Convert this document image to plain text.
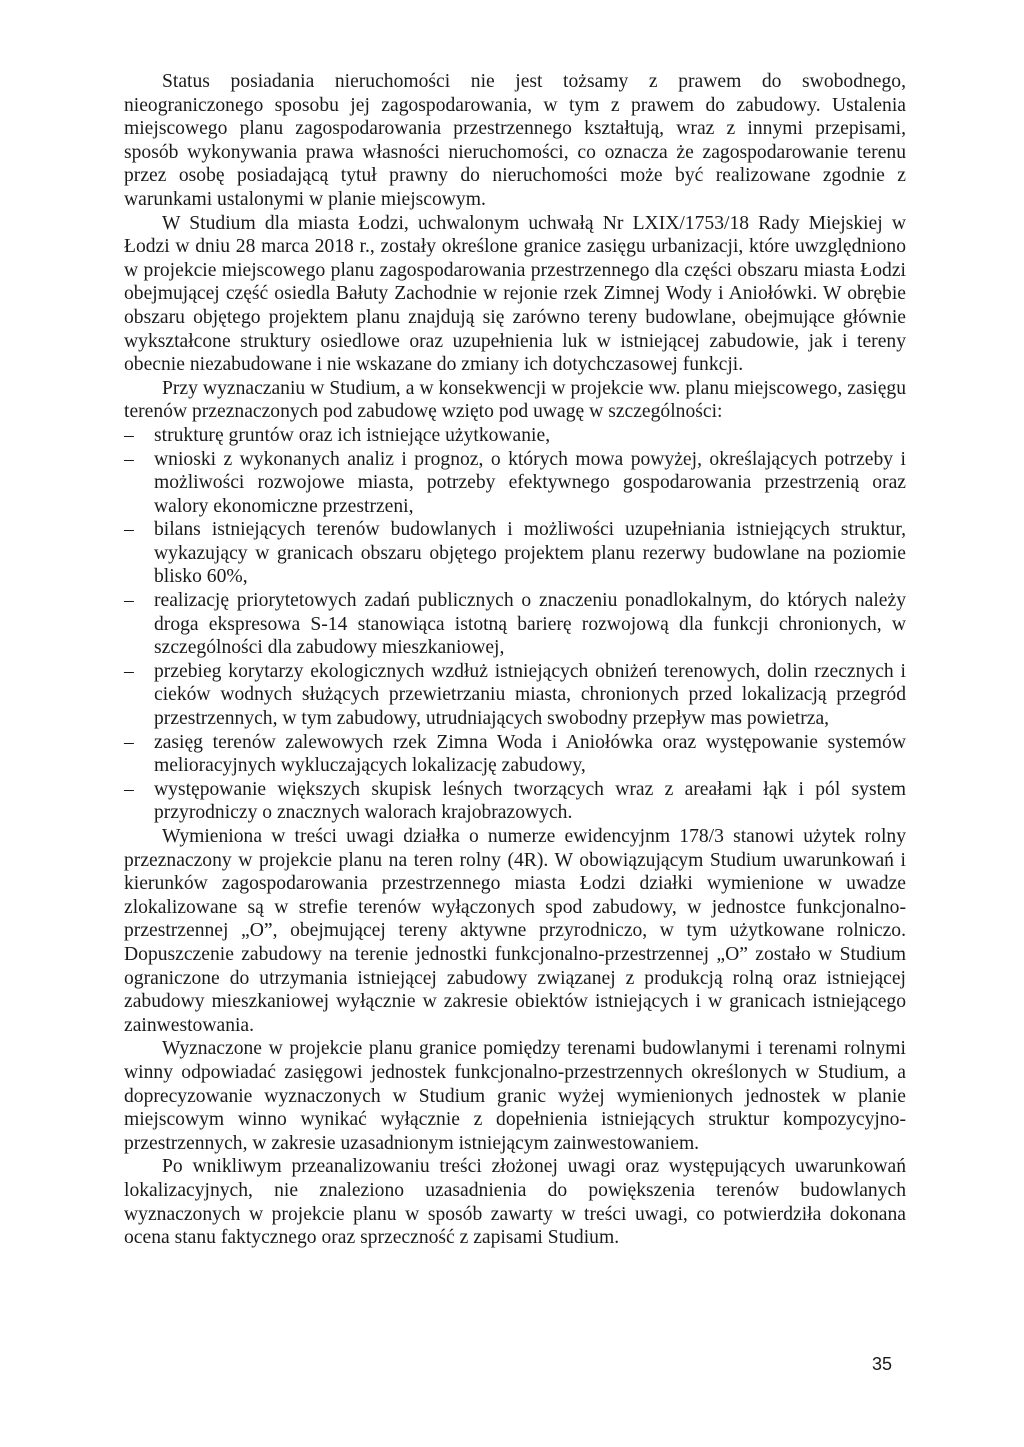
Status posiadania nieruchomości nie jest tożsamy z prawem do swobodnego, nieograniczonego sposobu jej zagospodarowania, w tym z prawem do zabudowy. Ustalenia miejscowego planu zagospodarowania przestrzennego kształtują, wraz z innymi przepisami, sposób wykonywania prawa własności nieruchomości, co oznacza że zagospodarowanie terenu przez osobę posiadającą tytuł prawny do nieruchomości może być realizowane zgodnie z warunkami ustalonymi w planie miejscowym.

W Studium dla miasta Łodzi, uchwalonym uchwałą Nr LXIX/1753/18 Rady Miejskiej w Łodzi w dniu 28 marca 2018 r., zostały określone granice zasięgu urbanizacji, które uwzględniono w projekcie miejscowego planu zagospodarowania przestrzennego dla części obszaru miasta Łodzi obejmującej część osiedla Bałuty Zachodnie w rejonie rzek Zimnej Wody i Aniołówki. W obrębie obszaru objętego projektem planu znajdują się zarówno tereny budowlane, obejmujące głównie wykształcone struktury osiedlowe oraz uzupełnienia luk w istniejącej zabudowie, jak i tereny obecnie niezabudowane i nie wskazane do zmiany ich dotychczasowej funkcji.

Przy wyznaczaniu w Studium, a w konsekwencji w projekcie ww. planu miejscowego, zasięgu terenów przeznaczonych pod zabudowę wzięto pod uwagę w szczególności:

–	strukturę gruntów oraz ich istniejące użytkowanie,
–	wnioski z wykonanych analiz i prognoz, o których mowa powyżej, określających potrzeby i możliwości rozwojowe miasta, potrzeby efektywnego gospodarowania przestrzenią oraz walory ekonomiczne przestrzeni,
–	bilans istniejących terenów budowlanych i możliwości uzupełniania istniejących struktur, wykazujący w granicach obszaru objętego projektem planu rezerwy budowlane na poziomie blisko 60%,
–	realizację priorytetowych zadań publicznych o znaczeniu ponadlokalnym, do których należy droga ekspresowa S-14 stanowiąca istotną barierę rozwojową dla funkcji chronionych, w szczególności dla zabudowy mieszkaniowej,
–	przebieg korytarzy ekologicznych wzdłuż istniejących obniżeń terenowych, dolin rzecznych i cieków wodnych służących przewietrzaniu miasta, chronionych przed lokalizacją przegród przestrzennych, w tym zabudowy, utrudniających swobodny przepływ mas powietrza,
–	zasięg terenów zalewowych rzek Zimna Woda i Aniołówka oraz występowanie systemów melioracyjnych wykluczających lokalizację zabudowy,
–	występowanie większych skupisk leśnych tworzących wraz z areałami łąk i pól system przyrodniczy o znacznych walorach krajobrazowych.

Wymieniona w treści uwagi działka o numerze ewidencyjnm 178/3 stanowi użytek rolny przeznaczony w projekcie planu na teren rolny (4R). W obowiązującym Studium uwarunkowań i kierunków zagospodarowania przestrzennego miasta Łodzi działki wymienione w uwadze zlokalizowane są w strefie terenów wyłączonych spod zabudowy, w jednostce funkcjonalno-przestrzennej „O”, obejmującej tereny aktywne przyrodniczo, w tym użytkowane rolniczo. Dopuszczenie zabudowy na terenie jednostki funkcjonalno-przestrzennej „O” zostało w Studium ograniczone do utrzymania istniejącej zabudowy związanej z produkcją rolną oraz istniejącej zabudowy mieszkaniowej wyłącznie w zakresie obiektów istniejących i w granicach istniejącego zainwestowania.

Wyznaczone w projekcie planu granice pomiędzy terenami budowlanymi i terenami rolnymi winny odpowiadać zasięgowi jednostek funkcjonalno-przestrzennych określonych w Studium, a doprecyzowanie wyznaczonych w Studium granic wyżej wymienionych jednostek w planie miejscowym winno wynikać wyłącznie z dopełnienia istniejących struktur kompozycyjno-przestrzennych, w zakresie uzasadnionym istniejącym zainwestowaniem.

Po wnikliwym przeanalizowaniu treści złożonej uwagi oraz występujących uwarunkowań lokalizacyjnych, nie znaleziono uzasadnienia do powiększenia terenów budowlanych wyznaczonych w projekcie planu w sposób zawarty w treści uwagi, co potwierdziła dokonana ocena stanu faktycznego oraz sprzeczność z zapisami Studium.

35
